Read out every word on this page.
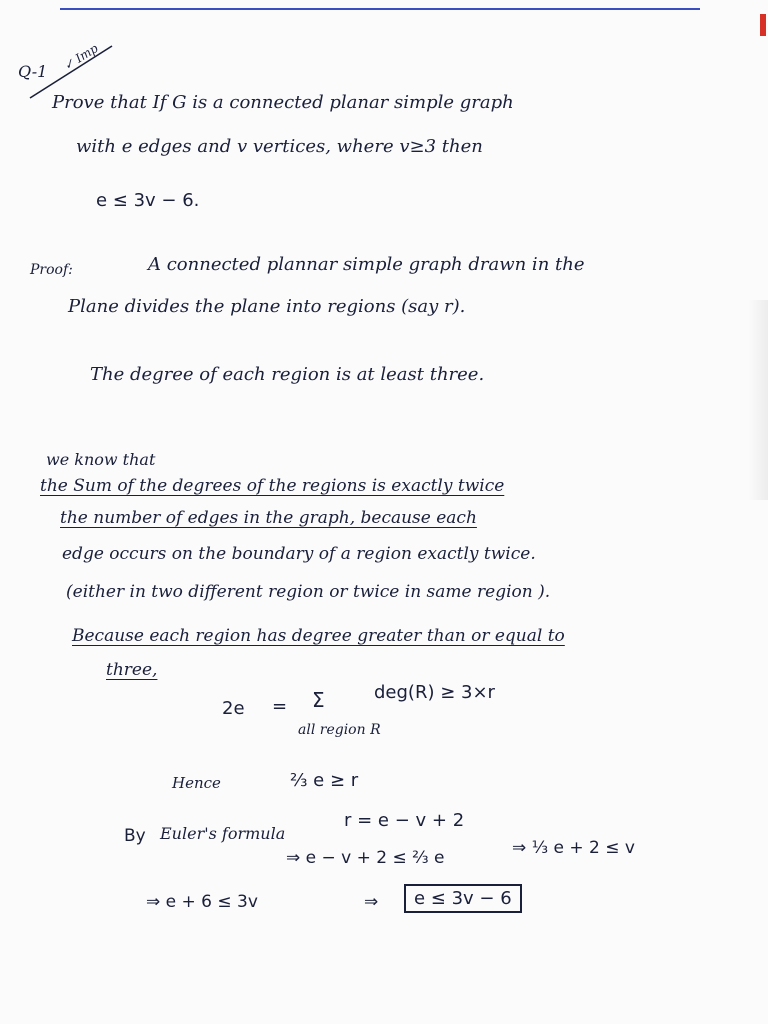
Q-1 ✓ Imp
Prove that If G is a connected planar simple graph
with e edges and v vertices, where v≥3 then
e ≤ 3v − 6.
Proof:	A connected plannar simple graph drawn in the
Plane divides the plane into regions (say r).
The degree of each region is at least three.
we know that
the Sum of the degrees of the regions is exactly twice
the number of edges in the graph, because each
edge occurs on the boundary of a region exactly twice.
(either in two different region or twice in same region ).
Because each region has degree greater than or equal to
three,
2e = Σ	deg(R) ≥ 3×r
all region R
Hence	⅔ e ≥ r
By Euler's formula
r = e − v + 2
⇒ e − v + 2 ≤ ⅔ e	⇒ ⅓ e + 2 ≤ v
⇒ e + 6 ≤ 3v	⇒	e ≤ 3v − 6
